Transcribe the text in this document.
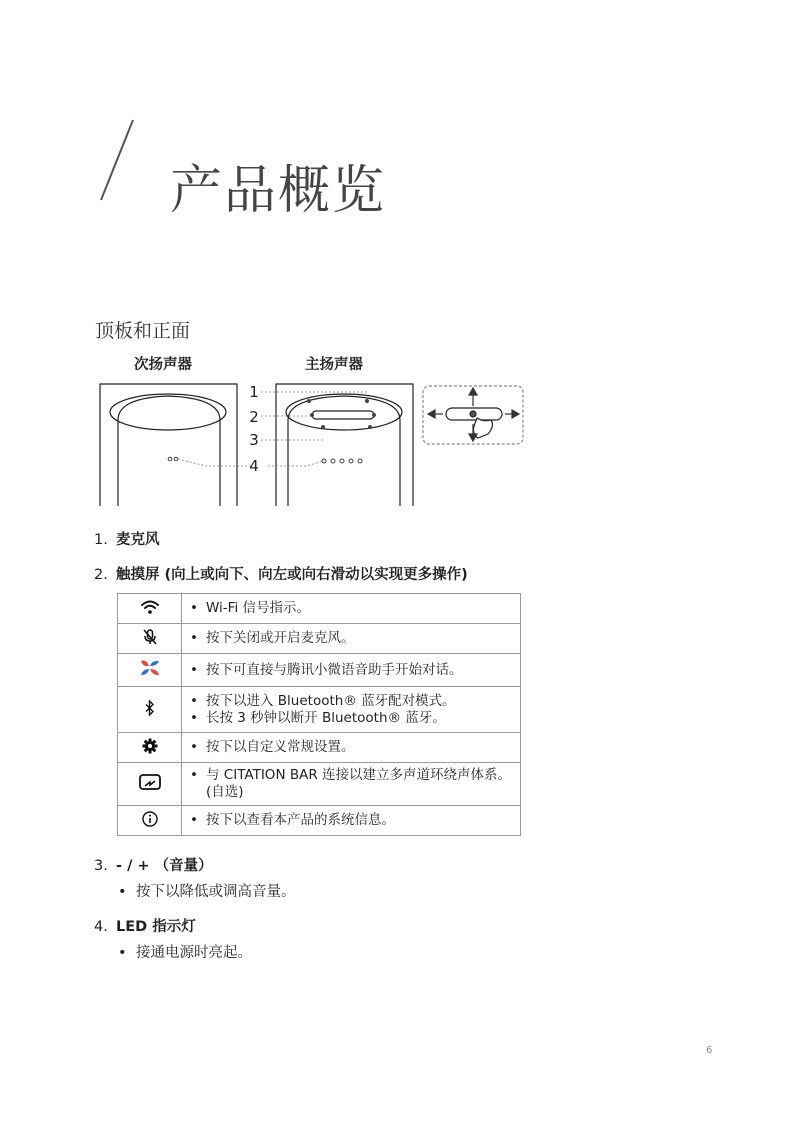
产品概览
顶板和正面
次扬声器	主扬声器
1
2
3
4
1. 麦克风
2. 触摸屏 (向上或向下、向左或向右滑动以实现更多操作)

• Wi-Fi 信号指示。

• 按下关闭或开启麦克风。

• 按下可直接与腾讯小微语音助手开始对话。

• 按下以进入 Bluetooth® 蓝牙配对模式。
• 长按 3 秒钟以断开 Bluetooth® 蓝牙。

• 按下以自定义常规设置。

• 与 CITATION BAR 连接以建立多声道环绕声体系。(自选)

• 按下以查看本产品的系统信息。
3. - / + （音量）
• 按下以降低或调高音量。
4. LED 指示灯
• 接通电源时亮起。
6
